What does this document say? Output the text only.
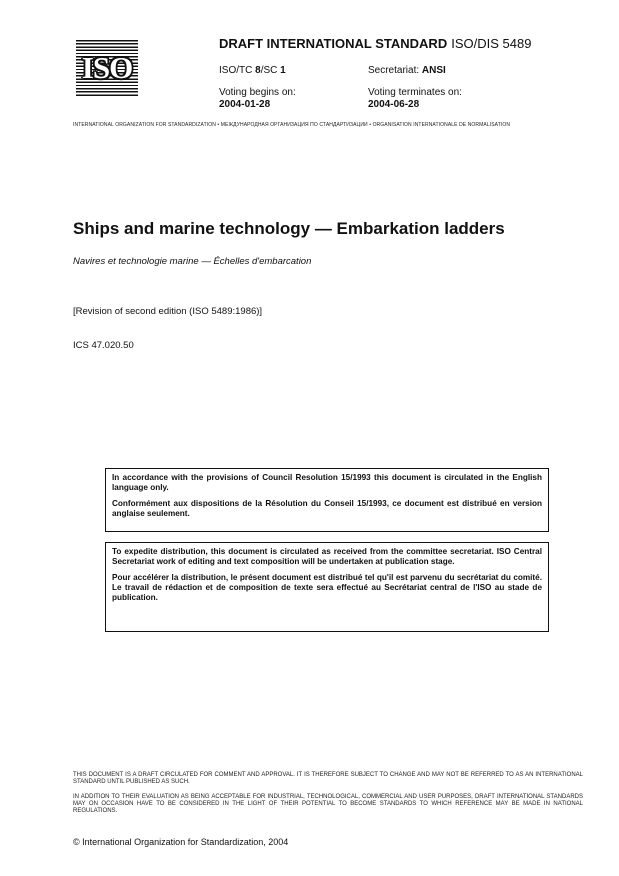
ISO
DRAFT INTERNATIONAL STANDARD ISO/DIS 5489
ISO/TC 8/SC 1	Secretariat: ANSI
Voting begins on:
2004-01-28
Voting terminates on:
2004-06-28
INTERNATIONAL ORGANIZATION FOR STANDARDIZATION • МЕЖДУНАРОДНАЯ ОРГАНИЗАЦИЯ ПО СТАНДАРТИЗАЦИИ • ORGANISATION INTERNATIONALE DE NORMALISATION
Ships and marine technology — Embarkation ladders
Navires et technologie marine — Échelles d'embarcation
[Revision of second edition (ISO 5489:1986)]
ICS 47.020.50

In accordance with the provisions of Council Resolution 15/1993 this document is circulated in the English language only.

Conformément aux dispositions de la Résolution du Conseil 15/1993, ce document est distribué en version anglaise seulement.

To expedite distribution, this document is circulated as received from the committee secretariat. ISO Central Secretariat work of editing and text composition will be undertaken at publication stage.

Pour accélérer la distribution, le présent document est distribué tel qu'il est parvenu du secrétariat du comité. Le travail de rédaction et de composition de texte sera effectué au Secrétariat central de l'ISO au stade de publication.

THIS DOCUMENT IS A DRAFT CIRCULATED FOR COMMENT AND APPROVAL. IT IS THEREFORE SUBJECT TO CHANGE AND MAY NOT BE REFERRED TO AS AN INTERNATIONAL STANDARD UNTIL PUBLISHED AS SUCH.
IN ADDITION TO THEIR EVALUATION AS BEING ACCEPTABLE FOR INDUSTRIAL, TECHNOLOGICAL, COMMERCIAL AND USER PURPOSES, DRAFT INTERNATIONAL STANDARDS MAY ON OCCASION HAVE TO BE CONSIDERED IN THE LIGHT OF THEIR POTENTIAL TO BECOME STANDARDS TO WHICH REFERENCE MAY BE MADE IN NATIONAL REGULATIONS.
© International Organization for Standardization, 2004
